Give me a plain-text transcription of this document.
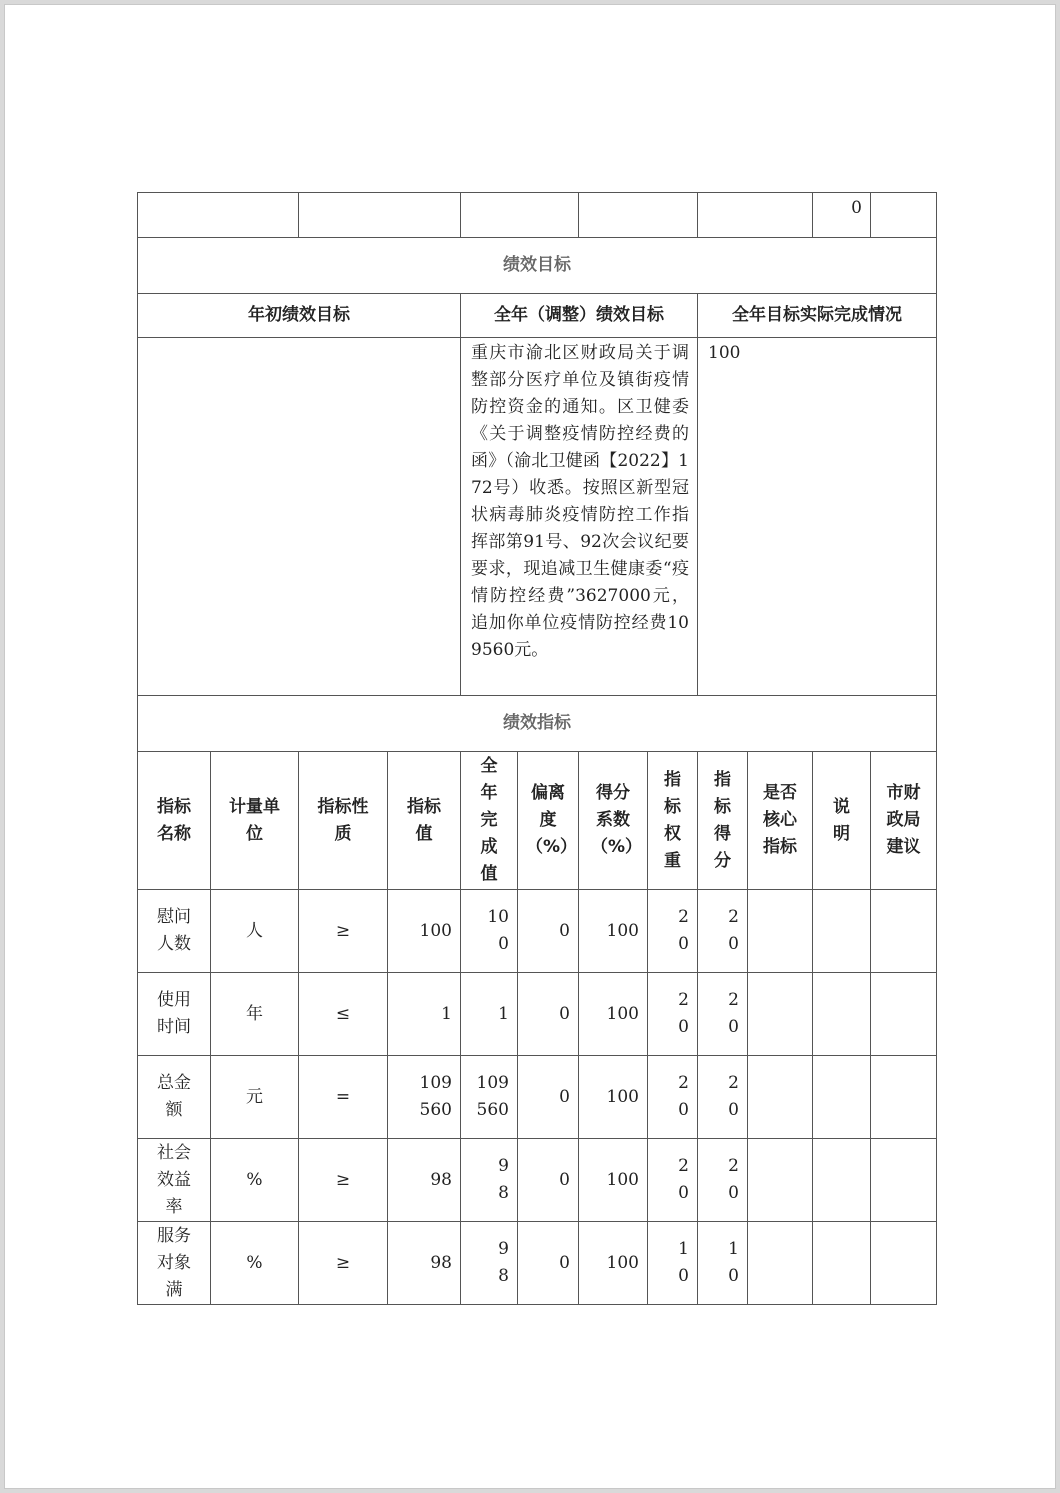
										0	
绩效目标											
年初绩效目标				全年（调整）绩效目标				全年目标实际完成情况			
				重庆市渝北区财政局关于调整部分医疗单位及镇街疫情防控资金的通知。区卫健委《关于调整疫情防控经费的函》（渝北卫健函【2022】172号）收悉。按照区新型冠状病毒肺炎疫情防控工作指挥部第91号、92次会议纪要要求，现追减卫生健康委“疫情防控经费”3627000元，追加你单位疫情防控经费109560元。				100			
绩效指标											
指标名称	计量单位	指标性质	指标值	全年完成值	偏离度（%）	得分系数（%）	指标权重	指标得分	是否核心指标	说明	市财政局建议
慰问人数	人	≥	100	100	0	100	20	20			
使用时间	年	≤	1	1	0	100	20	20			
总金额	元	=	109560	109560	0	100	20	20			
社会效益率	%	≥	98	98	0	100	20	20			
服务对象满	%	≥	98	98	0	100	10	10			
